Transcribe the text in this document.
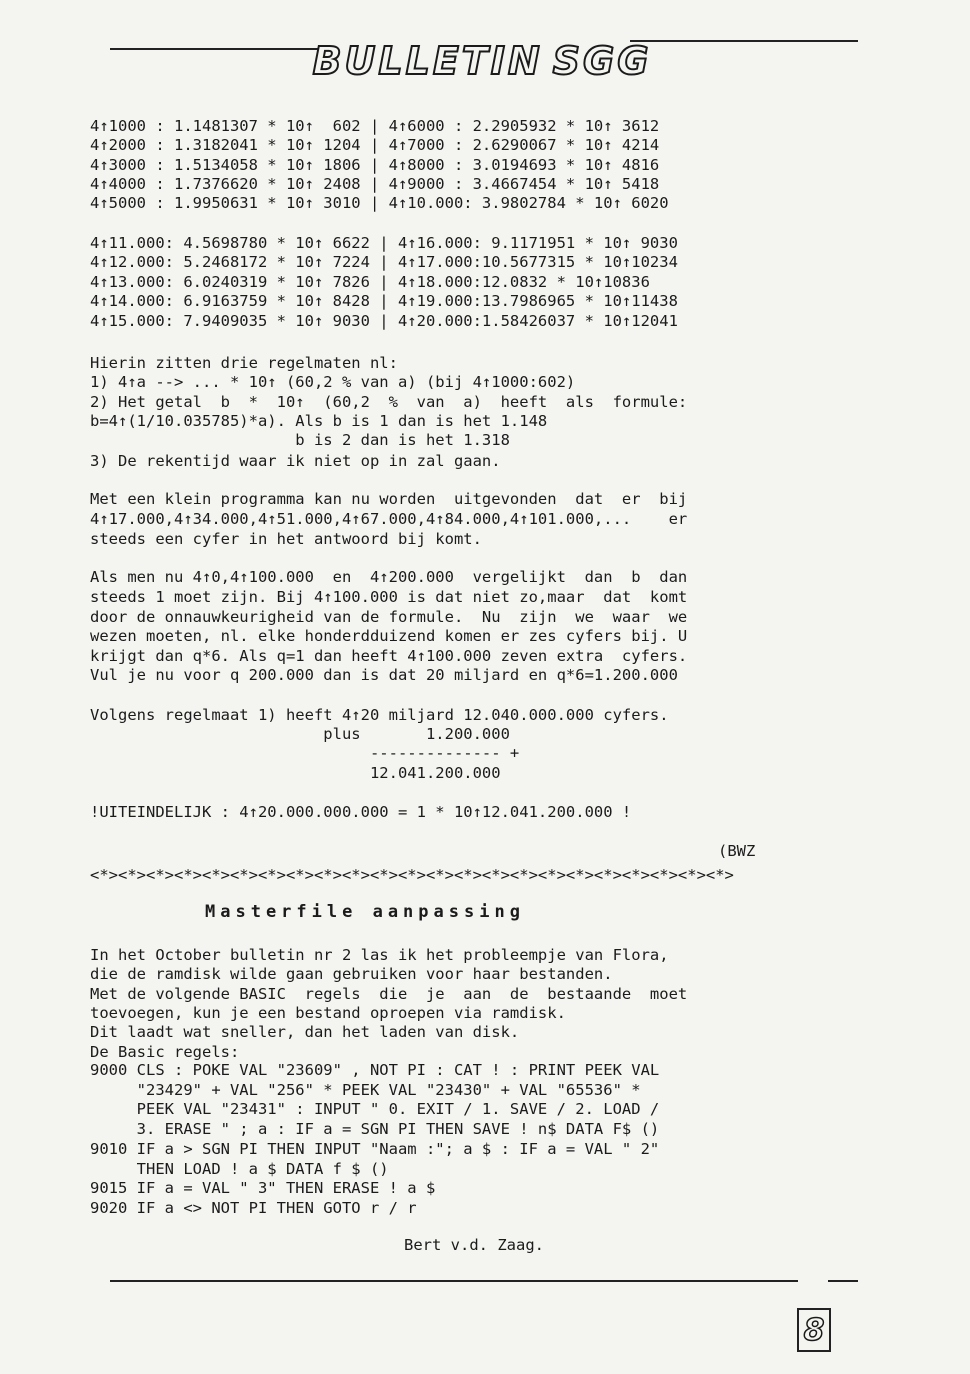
BULLETIN SGG

4↑1000 : 1.1481307 * 10↑  602 | 4↑6000 : 2.2905932 * 10↑ 3612

4↑2000 : 1.3182041 * 10↑ 1204 | 4↑7000 : 2.6290067 * 10↑ 4214

4↑3000 : 1.5134058 * 10↑ 1806 | 4↑8000 : 3.0194693 * 10↑ 4816

4↑4000 : 1.7376620 * 10↑ 2408 | 4↑9000 : 3.4667454 * 10↑ 5418

4↑5000 : 1.9950631 * 10↑ 3010 | 4↑10.000: 3.9802784 * 10↑ 6020

4↑11.000: 4.5698780 * 10↑ 6622 | 4↑16.000: 9.1171951 * 10↑ 9030

4↑12.000: 5.2468172 * 10↑ 7224 | 4↑17.000:10.5677315 * 10↑10234

4↑13.000: 6.0240319 * 10↑ 7826 | 4↑18.000:12.0832 * 10↑10836

4↑14.000: 6.9163759 * 10↑ 8428 | 4↑19.000:13.7986965 * 10↑11438

4↑15.000: 7.9409035 * 10↑ 9030 | 4↑20.000:1.58426037 * 10↑12041

Hierin zitten drie regelmaten nl:

1) 4↑a --> ... * 10↑ (60,2 % van a) (bij 4↑1000:602)

2) Het getal  b  *  10↑  (60,2  %  van  a)  heeft  als  formule:

b=4↑(1/10.035785)*a). Als b is 1 dan is het 1.148

b is 2 dan is het 1.318

3) De rekentijd waar ik niet op in zal gaan.

Met een klein programma kan nu worden  uitgevonden  dat  er  bij

4↑17.000,4↑34.000,4↑51.000,4↑67.000,4↑84.000,4↑101.000,...    er

steeds een cyfer in het antwoord bij komt.

Als men nu 4↑0,4↑100.000  en  4↑200.000  vergelijkt  dan  b  dan

steeds 1 moet zijn. Bij 4↑100.000 is dat niet zo,maar  dat  komt

door de onnauwkeurigheid van de formule.  Nu  zijn  we  waar  we

wezen moeten, nl. elke honderdduizend komen er zes cyfers bij. U

krijgt dan q*6. Als q=1 dan heeft 4↑100.000 zeven extra  cyfers.

Vul je nu voor q 200.000 dan is dat 20 miljard en q*6=1.200.000

Volgens regelmaat 1) heeft 4↑20 miljard 12.040.000.000 cyfers.

plus       1.200.000

-------------- +

12.041.200.000

!UITEINDELIJK : 4↑20.000.000.000 = 1 * 10↑12.041.200.000 !

(BWZ

<*><*><*><*><*><*><*><*><*><*><*><*><*><*><*><*><*><*><*><*><*><*><*>

Masterfile aanpassing

In het October bulletin nr 2 las ik het probleempje van Flora,

die de ramdisk wilde gaan gebruiken voor haar bestanden.

Met de volgende BASIC  regels  die  je  aan  de  bestaande  moet

toevoegen, kun je een bestand oproepen via ramdisk.

Dit laadt wat sneller, dan het laden van disk.

De Basic regels:

9000 CLS : POKE VAL "23609" , NOT PI : CAT ! : PRINT PEEK VAL

"23429" + VAL "256" * PEEK VAL "23430" + VAL "65536" *

PEEK VAL "23431" : INPUT " 0. EXIT / 1. SAVE / 2. LOAD /

3. ERASE " ; a : IF a = SGN PI THEN SAVE ! n$ DATA F$ ()

9010 IF a > SGN PI THEN INPUT "Naam :"; a $ : IF a = VAL " 2"

THEN LOAD ! a $ DATA f $ ()

9015 IF a = VAL " 3" THEN ERASE ! a $

9020 IF a <> NOT PI THEN GOTO r / r

Bert v.d. Zaag.
8
